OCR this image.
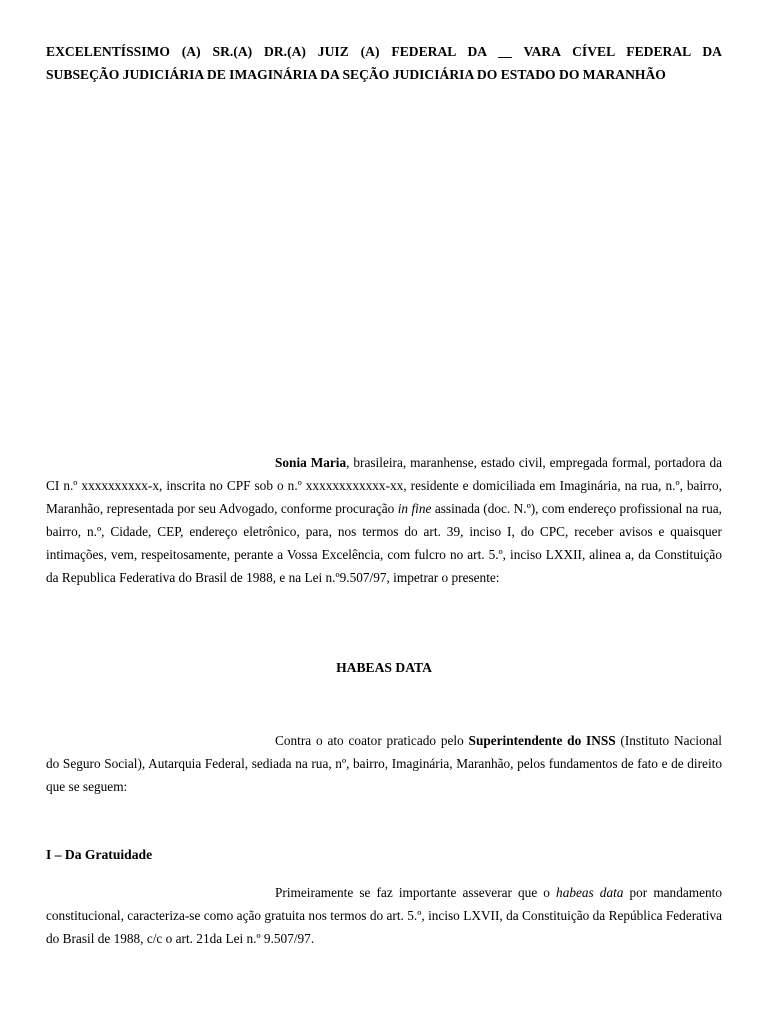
EXCELENTÍSSIMO (A) SR.(A) DR.(A) JUIZ (A) FEDERAL DA __ VARA CÍVEL FEDERAL DA
SUBSEÇÃO JUDICIÁRIA DE IMAGINÁRIA DA SEÇÃO JUDICIÁRIA DO ESTADO DO MARANHÃO

Sonia Maria, brasileira, maranhense, estado civil, empregada formal, portadora da CI n.º xxxxxxxxxx-x, inscrita no CPF sob o n.º xxxxxxxxxxxx-xx, residente e domiciliada em Imaginária, na rua, n.º, bairro, Maranhão, representada por seu Advogado, conforme procuração in fine assinada (doc. N.º), com endereço profissional na rua, bairro, n.º, Cidade, CEP, endereço eletrônico, para, nos termos do art. 39, inciso I, do CPC, receber avisos e quaisquer intimações, vem, respeitosamente, perante a Vossa Excelência, com fulcro no art. 5.º, inciso LXXII, alinea a, da Constituição da Republica Federativa do Brasil de 1988, e na Lei n.º9.507/97, impetrar o presente:

HABEAS DATA

Contra o ato coator praticado pelo Superintendente do INSS (Instituto Nacional do Seguro Social), Autarquia Federal, sediada na rua, nº, bairro, Imaginária, Maranhão, pelos fundamentos de fato e de direito que se seguem:

I – Da Gratuidade

Primeiramente se faz importante asseverar que o habeas data por mandamento constitucional, caracteriza-se como ação gratuita nos termos do art. 5.º, inciso LXVII, da Constituição da República Federativa do Brasil de 1988, c/c o art. 21da Lei n.º 9.507/97.
